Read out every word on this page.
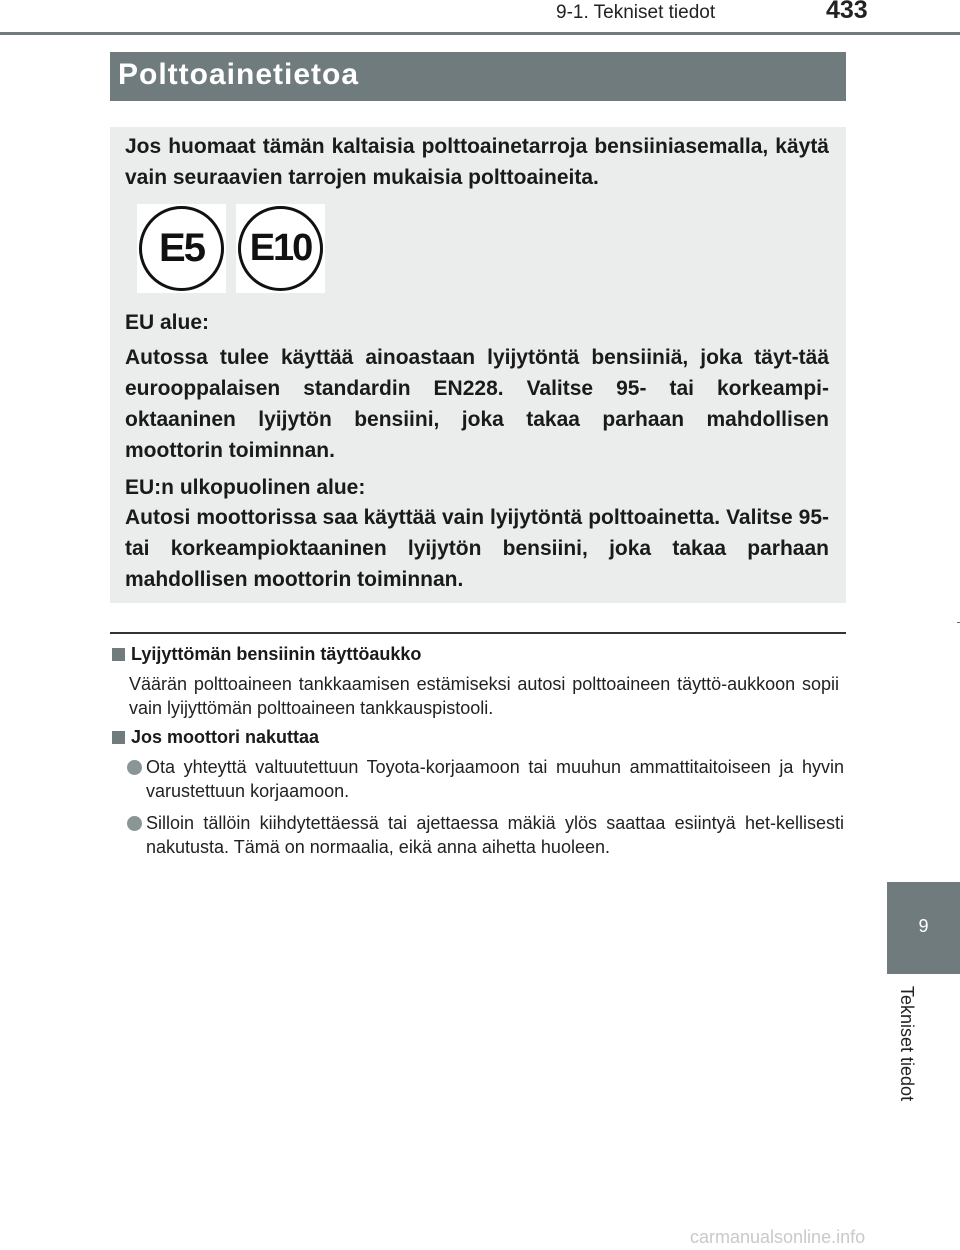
9-1. Tekniset tiedot	433
Polttoainetietoa

Jos huomaat tämän kaltaisia polttoainetarroja bensiiniasemalla, käytä vain seuraavien tarrojen mukaisia polttoaineita.

E5	E10

EU alue:

Autossa tulee käyttää ainoastaan lyijytöntä bensiiniä, joka täyt-tää eurooppalaisen standardin EN228. Valitse 95- tai korkeampi-oktaaninen lyijytön bensiini, joka takaa parhaan mahdollisen moottorin toiminnan.

EU:n ulkopuolinen alue:

Autosi moottorissa saa käyttää vain lyijytöntä polttoainetta. Valitse 95- tai korkeampioktaaninen lyijytön bensiini, joka takaa parhaan mahdollisen moottorin toiminnan.

Lyijyttömän bensiinin täyttöaukko

Väärän polttoaineen tankkaamisen estämiseksi autosi polttoaineen täyttö-aukkoon sopii vain lyijyttömän polttoaineen tankkauspistooli.

Jos moottori nakuttaa

Ota yhteyttä valtuutettuun Toyota-korjaamoon tai muuhun ammattitaitoiseen ja hyvin varustettuun korjaamoon.

Silloin tällöin kiihdytettäessä tai ajettaessa mäkiä ylös saattaa esiintyä het-kellisesti nakutusta. Tämä on normaalia, eikä anna aihetta huoleen.

9
Tekniset tiedot
carmanualsonline.info
